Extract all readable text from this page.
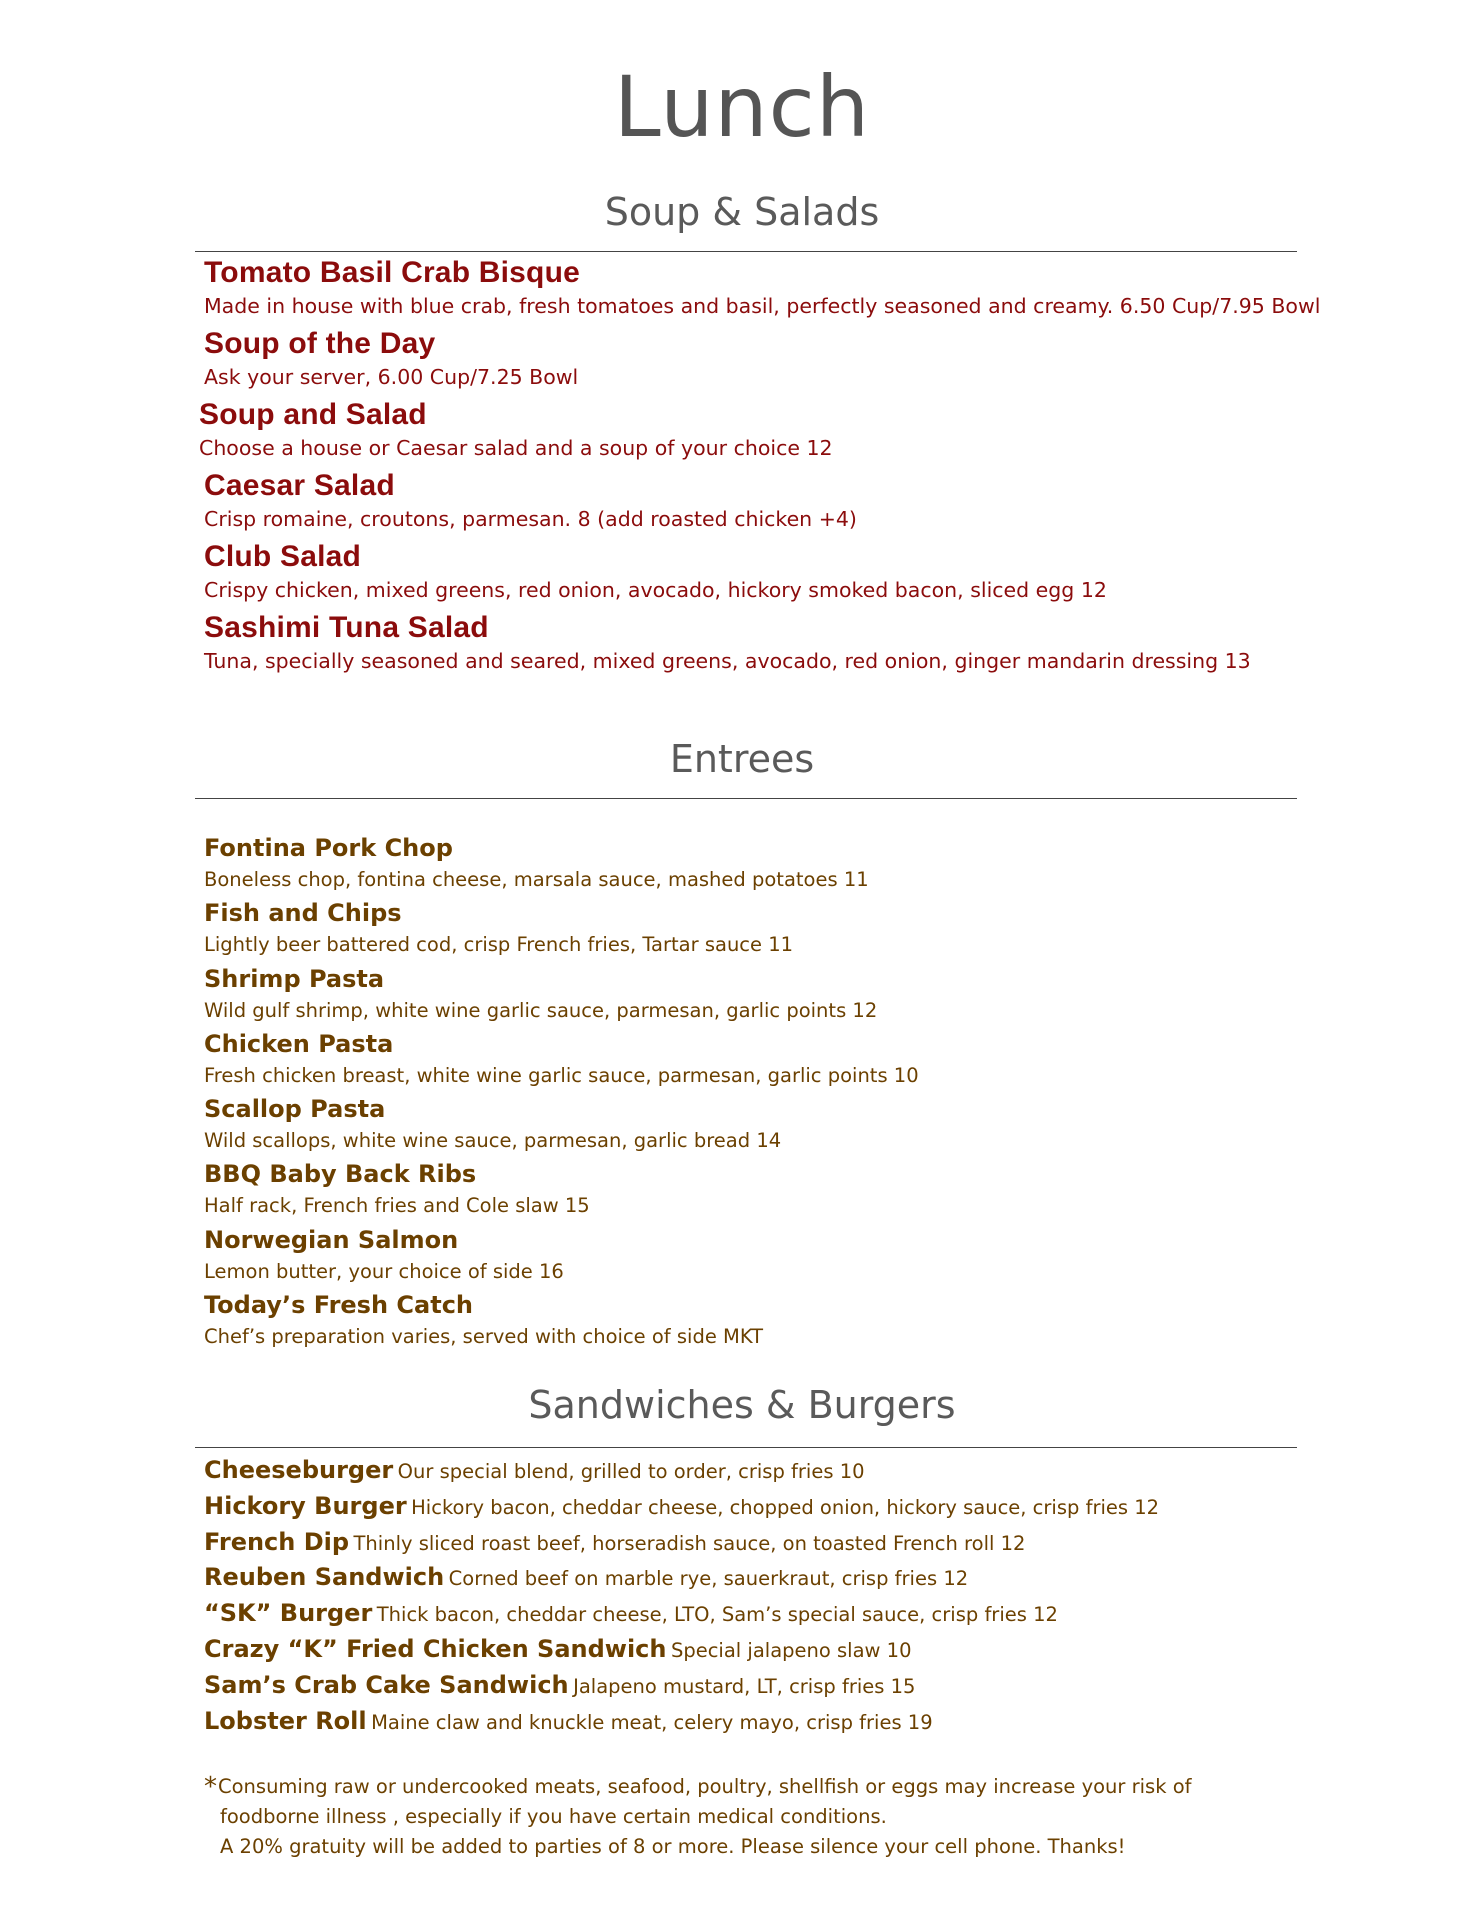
Lunch
Soup & Salads
Tomato Basil Crab Bisque
Made in house with blue crab, fresh tomatoes and basil, perfectly seasoned and creamy. 6.50 Cup/7.95 Bowl
Soup of the Day
Ask your server, 6.00 Cup/7.25 Bowl
Soup and Salad
Choose a house or Caesar salad and a soup of your choice 12
Caesar Salad
Crisp romaine, croutons, parmesan. 8 (add roasted chicken +4)
Club Salad
Crispy chicken, mixed greens, red onion, avocado, hickory smoked bacon, sliced egg 12
Sashimi Tuna Salad
Tuna, specially seasoned and seared, mixed greens, avocado, red onion, ginger mandarin dressing 13
Entrees
Fontina Pork Chop
Boneless chop, fontina cheese, marsala sauce, mashed potatoes 11
Fish and Chips
Lightly beer battered cod, crisp French fries, Tartar sauce 11
Shrimp Pasta
Wild gulf shrimp, white wine garlic sauce, parmesan, garlic points 12
Chicken Pasta
Fresh chicken breast, white wine garlic sauce, parmesan, garlic points 10
Scallop Pasta
Wild scallops, white wine sauce, parmesan, garlic bread 14
BBQ Baby Back Ribs
Half rack, French fries and Cole slaw 15
Norwegian Salmon
Lemon butter, your choice of side 16
Today’s Fresh Catch
Chef’s preparation varies, served with choice of side MKT
Sandwiches & Burgers
Cheeseburger Our special blend, grilled to order, crisp fries 10
Hickory Burger Hickory bacon, cheddar cheese, chopped onion, hickory sauce, crisp fries 12
French Dip Thinly sliced roast beef, horseradish sauce, on toasted French roll 12
Reuben Sandwich Corned beef on marble rye, sauerkraut, crisp fries 12
“SK” Burger Thick bacon, cheddar cheese, LTO, Sam’s special sauce, crisp fries 12
Crazy “K” Fried Chicken Sandwich Special jalapeno slaw 10
Sam’s Crab Cake Sandwich Jalapeno mustard, LT, crisp fries 15
Lobster Roll Maine claw and knuckle meat, celery mayo, crisp fries 19
*Consuming raw or undercooked meats, seafood, poultry, shellfish or eggs may increase your risk of
foodborne illness , especially if you have certain medical conditions.
A 20% gratuity will be added to parties of 8 or more. Please silence your cell phone. Thanks!
